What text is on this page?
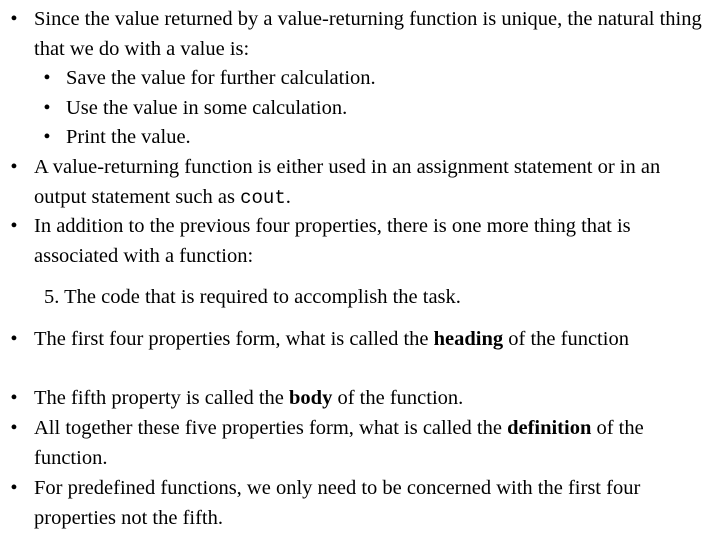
• Since the value returned by a value-returning function is unique, the natural thing that we do with a value is:
• Save the value for further calculation.
• Use the value in some calculation.
• Print the value.
• A value-returning function is either used in an assignment statement or in an output statement such as cout.
• In addition to the previous four properties, there is one more thing that is associated with a function:
5. The code that is required to accomplish the task.
• The first four properties form, what is called the heading of the function
• The fifth property is called the body of the function.
• All together these five properties form, what is called the definition of the function.
• For predefined functions, we only need to be concerned with the first four properties not the fifth.
